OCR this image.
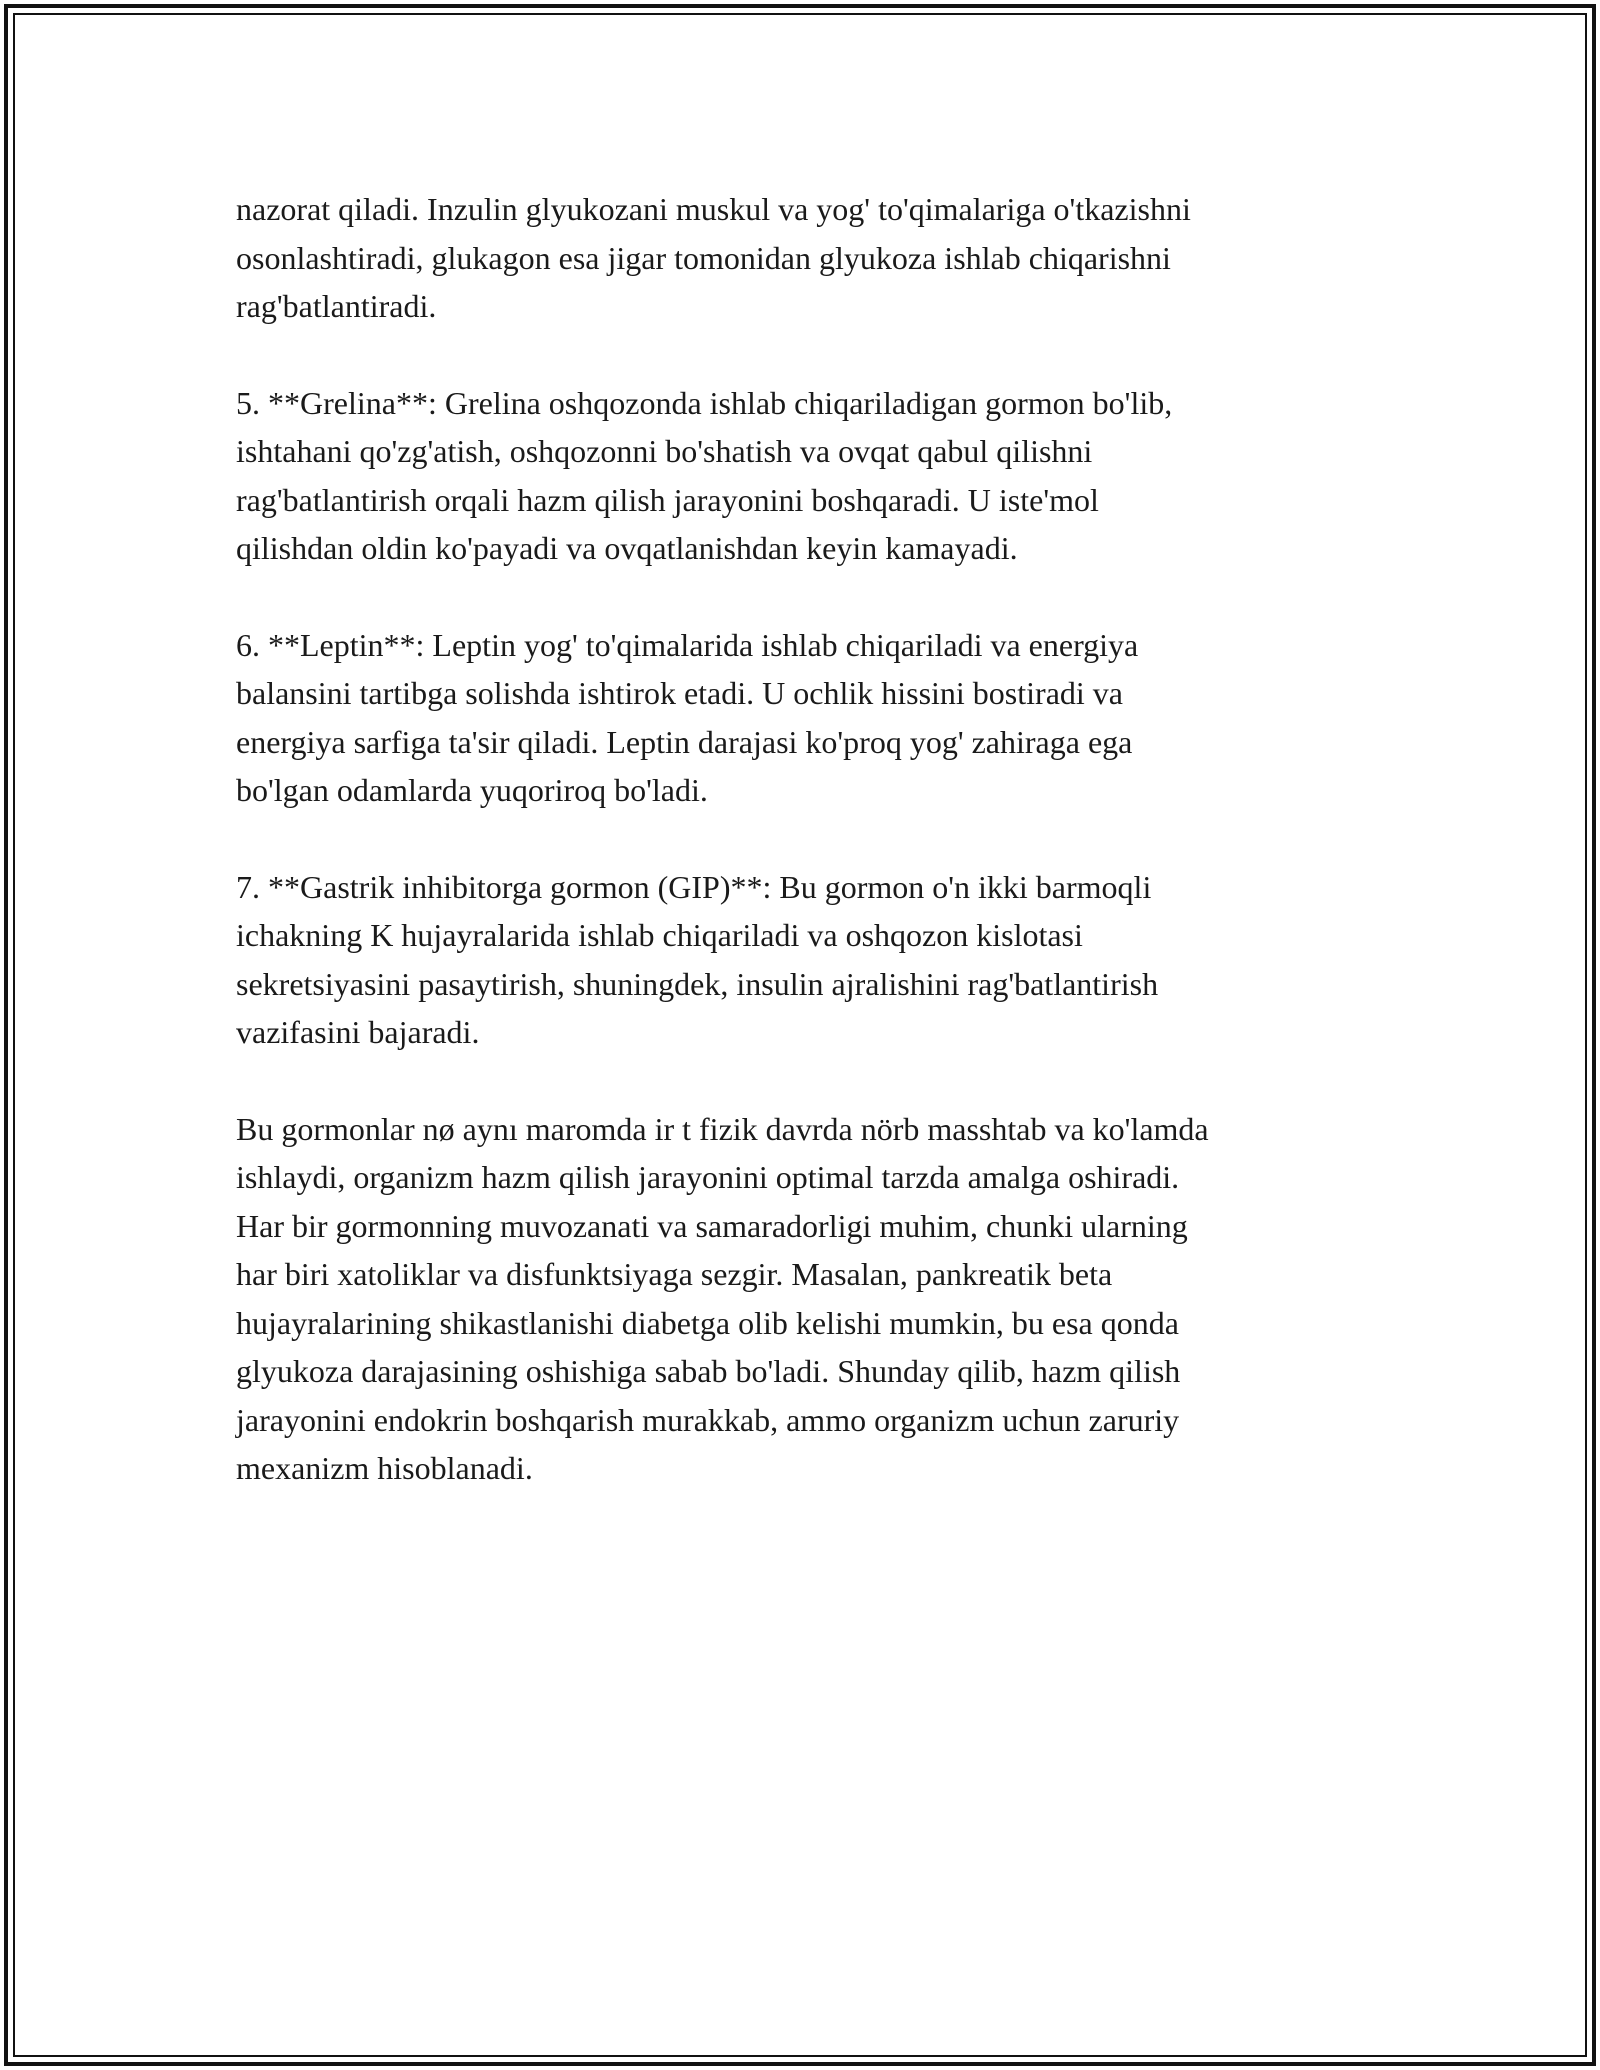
nazorat qiladi. Inzulin glyukozani muskul va yog' to'qimalariga o'tkazishni
osonlashtiradi, glukagon esa jigar tomonidan glyukoza ishlab chiqarishni
rag'batlantiradi.

5. **Grelina**: Grelina oshqozonda ishlab chiqariladigan gormon bo'lib,
ishtahani qo'zg'atish, oshqozonni bo'shatish va ovqat qabul qilishni
rag'batlantirish orqali hazm qilish jarayonini boshqaradi. U iste'mol
qilishdan oldin ko'payadi va ovqatlanishdan keyin kamayadi.

6. **Leptin**: Leptin yog' to'qimalarida ishlab chiqariladi va energiya
balansini tartibga solishda ishtirok etadi. U ochlik hissini bostiradi va
energiya sarfiga ta'sir qiladi. Leptin darajasi ko'proq yog' zahiraga ega
bo'lgan odamlarda yuqoriroq bo'ladi.

7. **Gastrik inhibitorga gormon (GIP)**: Bu gormon o'n ikki barmoqli
ichakning K hujayralarida ishlab chiqariladi va oshqozon kislotasi
sekretsiyasini pasaytirish, shuningdek, insulin ajralishini rag'batlantirish
vazifasini bajaradi.

Bu gormonlar nø aynı maromda ir t fizik davrda nörb masshtab va ko'lamda
ishlaydi, organizm hazm qilish jarayonini optimal tarzda amalga oshiradi.
Har bir gormonning muvozanati va samaradorligi muhim, chunki ularning
har biri xatoliklar va disfunktsiyaga sezgir. Masalan, pankreatik beta
hujayralarining shikastlanishi diabetga olib kelishi mumkin, bu esa qonda
glyukoza darajasining oshishiga sabab bo'ladi. Shunday qilib, hazm qilish
jarayonini endokrin boshqarish murakkab, ammo organizm uchun zaruriy
mexanizm hisoblanadi.
